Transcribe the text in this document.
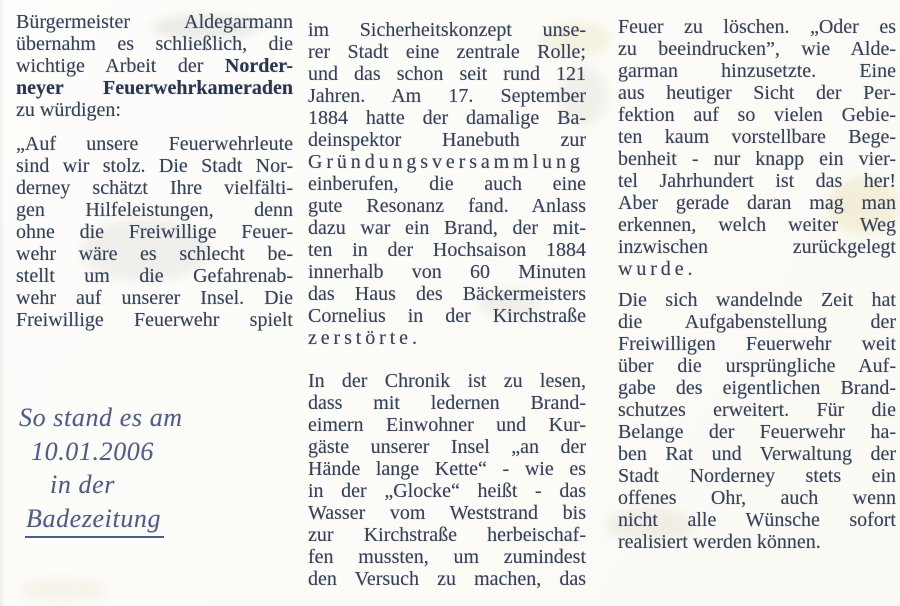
Bürgermeister Aldegarmann
übernahm es schließlich, die
wichtige Arbeit der Norder-
neyer Feuerwehrkameraden
zu würdigen:
„Auf unsere Feuerwehrleute
sind wir stolz. Die Stadt Nor-
derney schätzt Ihre vielfälti-
gen Hilfeleistungen, denn
ohne die Freiwillige Feuer-
wehr wäre es schlecht be-
stellt um die Gefahrenab-
wehr auf unserer Insel. Die
Freiwillige Feuerwehr spielt
im Sicherheitskonzept unse-
rer Stadt eine zentrale Rolle;
und das schon seit rund 121
Jahren. Am 17. September
1884 hatte der damalige Ba-
deinspektor Hanebuth zur
Gründungsversammlung
einberufen, die auch eine
gute Resonanz fand. Anlass
dazu war ein Brand, der mit-
ten in der Hochsaison 1884
innerhalb von 60 Minuten
das Haus des Bäckermeisters
Cornelius in der Kirchstraße
zerstörte.
In der Chronik ist zu lesen,
dass mit ledernen Brand-
eimern Einwohner und Kur-
gäste unserer Insel „an der
Hände lange Kette“ - wie es
in der „Glocke“ heißt - das
Wasser vom Weststrand bis
zur Kirchstraße herbeischaf-
fen mussten, um zumindest
den Versuch zu machen, das
Feuer zu löschen. „Oder es
zu beeindrucken”, wie Alde-
garman hinzusetzte. Eine
aus heutiger Sicht der Per-
fektion auf so vielen Gebie-
ten kaum vorstellbare Bege-
benheit - nur knapp ein vier-
tel Jahrhundert ist das her!
Aber gerade daran mag man
erkennen, welch weiter Weg
inzwischen zurückgelegt
wurde.
Die sich wandelnde Zeit hat
die Aufgabenstellung der
Freiwilligen Feuerwehr weit
über die ursprüngliche Auf-
gabe des eigentlichen Brand-
schutzes erweitert. Für die
Belange der Feuerwehr ha-
ben Rat und Verwaltung der
Stadt Norderney stets ein
offenes Ohr, auch wenn
nicht alle Wünsche sofort
realisiert werden können.
So stand es am
10.01.2006
in der
Badezeitung
